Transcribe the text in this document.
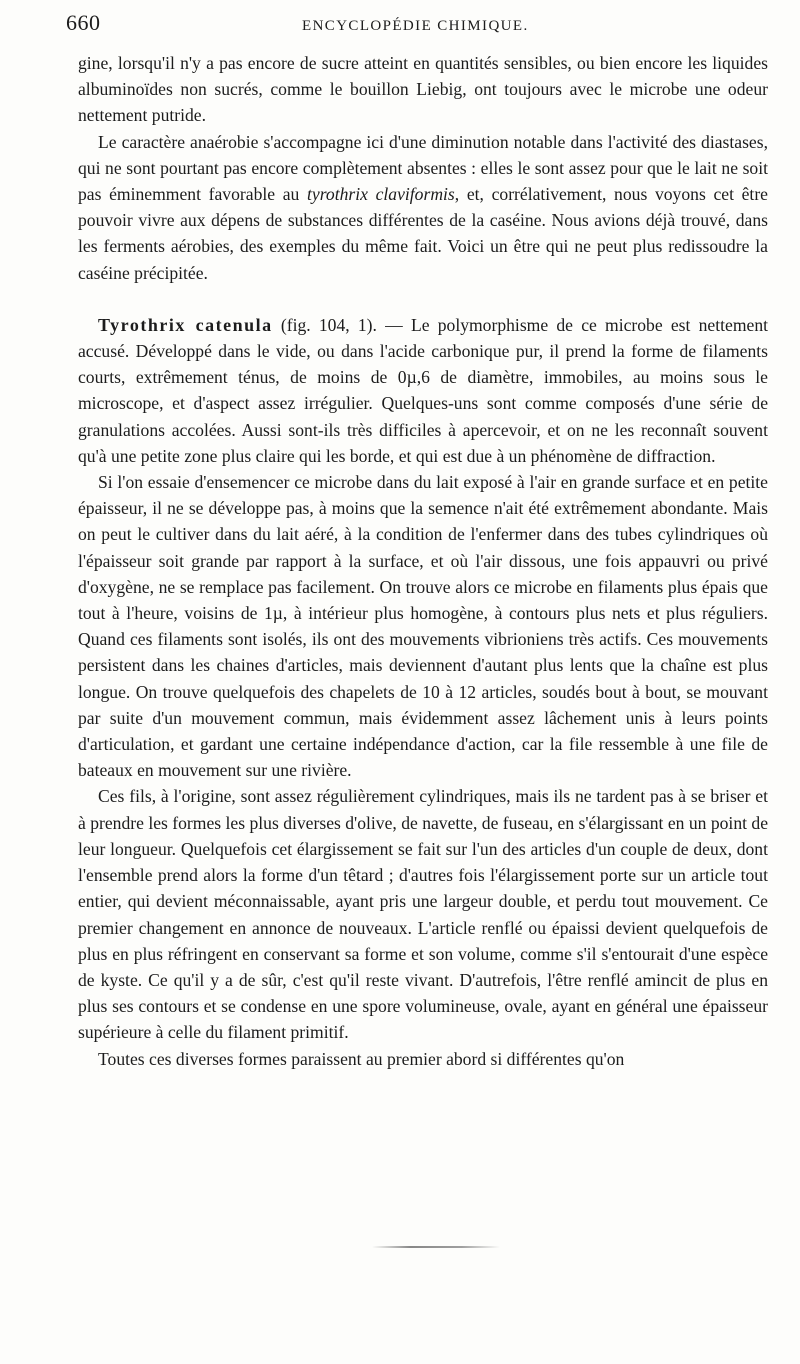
660	ENCYCLOPÉDIE CHIMIQUE.

gine, lorsqu'il n'y a pas encore de sucre atteint en quantités sensibles, ou bien encore les liquides albuminoïdes non sucrés, comme le bouillon Liebig, ont toujours avec le microbe une odeur nettement putride.

Le caractère anaérobie s'accompagne ici d'une diminution notable dans l'activité des diastases, qui ne sont pourtant pas encore complètement absentes : elles le sont assez pour que le lait ne soit pas éminemment favorable au tyrothrix claviformis, et, corrélativement, nous voyons cet être pouvoir vivre aux dépens de substances différentes de la caséine. Nous avions déjà trouvé, dans les ferments aérobies, des exemples du même fait. Voici un être qui ne peut plus redissoudre la caséine précipitée.

Tyrothrix catenula (fig. 104, 1). — Le polymorphisme de ce microbe est nettement accusé. Développé dans le vide, ou dans l'acide carbonique pur, il prend la forme de filaments courts, extrêmement ténus, de moins de 0µ,6 de diamètre, immobiles, au moins sous le microscope, et d'aspect assez irrégulier. Quelques-uns sont comme composés d'une série de granulations accolées. Aussi sont-ils très difficiles à apercevoir, et on ne les reconnaît souvent qu'à une petite zone plus claire qui les borde, et qui est due à un phénomène de diffraction.

Si l'on essaie d'ensemencer ce microbe dans du lait exposé à l'air en grande surface et en petite épaisseur, il ne se développe pas, à moins que la semence n'ait été extrêmement abondante. Mais on peut le cultiver dans du lait aéré, à la condition de l'enfermer dans des tubes cylindriques où l'épaisseur soit grande par rapport à la surface, et où l'air dissous, une fois appauvri ou privé d'oxygène, ne se remplace pas facilement. On trouve alors ce microbe en filaments plus épais que tout à l'heure, voisins de 1µ, à intérieur plus homogène, à contours plus nets et plus réguliers. Quand ces filaments sont isolés, ils ont des mouvements vibrioniens très actifs. Ces mouvements persistent dans les chaines d'articles, mais deviennent d'autant plus lents que la chaîne est plus longue. On trouve quelquefois des chapelets de 10 à 12 articles, soudés bout à bout, se mouvant par suite d'un mouvement commun, mais évidemment assez lâchement unis à leurs points d'articulation, et gardant une certaine indépendance d'action, car la file ressemble à une file de bateaux en mouvement sur une rivière.

Ces fils, à l'origine, sont assez régulièrement cylindriques, mais ils ne tardent pas à se briser et à prendre les formes les plus diverses d'olive, de navette, de fuseau, en s'élargissant en un point de leur longueur. Quelquefois cet élargissement se fait sur l'un des articles d'un couple de deux, dont l'ensemble prend alors la forme d'un têtard ; d'autres fois l'élargissement porte sur un article tout entier, qui devient méconnaissable, ayant pris une largeur double, et perdu tout mouvement. Ce premier changement en annonce de nouveaux. L'article renflé ou épaissi devient quelquefois de plus en plus réfringent en conservant sa forme et son volume, comme s'il s'entourait d'une espèce de kyste. Ce qu'il y a de sûr, c'est qu'il reste vivant. D'autrefois, l'être renflé amincit de plus en plus ses contours et se condense en une spore volumineuse, ovale, ayant en général une épaisseur supérieure à celle du filament primitif.

Toutes ces diverses formes paraissent au premier abord si différentes qu'on
